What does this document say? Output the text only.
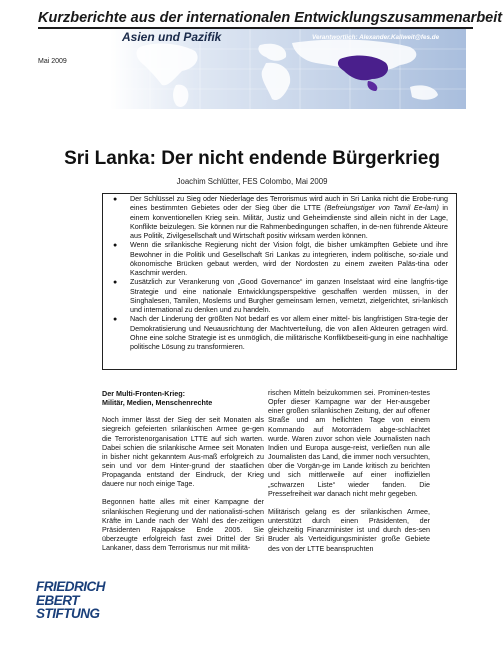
Kurzberichte aus der internationalen Entwicklungszusammenarbeit
Asien und Pazifik	Verantwortlich: Alexander.Kallweit@fes.de
Mai 2009
Sri Lanka: Der nicht endende Bürgerkrieg
Joachim Schlütter, FES Colombo, Mai 2009
● Der Schlüssel zu Sieg oder Niederlage des Terrorismus wird auch in Sri Lanka nicht die Erobe-rung eines bestimmten Gebietes oder der Sieg über die LTTE (Befreiungstiger von Tamil Ee-lam) in einem konventionellen Krieg sein. Militär, Justiz und Geheimdienste sind allein nicht in der Lage, Konflikte beizulegen. Sie können nur die Rahmenbedingungen schaffen, in de-nen führende Akteure aus Politik, Zivilgesellschaft und Wirtschaft positiv wirksam werden können.
● Wenn die srilankische Regierung nicht der Vision folgt, die bisher umkämpften Gebiete und ihre Bewohner in die Politik und Gesellschaft Sri Lankas zu integrieren, indem politische, so-ziale und ökonomische Brücken gebaut werden, wird der Nordosten zu einem zweiten Paläs-tina oder Kaschmir werden.
● Zusätzlich zur Verankerung von „Good Governance“ im ganzen Inselstaat wird eine langfris-tige Strategie und eine nationale Entwicklungsperspektive geschaffen werden müssen, in der Singhalesen, Tamilen, Moslems und Burgher gemeinsam lernen, vernetzt, zielgerichtet, sri-lankisch und international zu denken und zu handeln.
● Nach der Linderung der größten Not bedarf es vor allem einer mittel- bis langfristigen Stra-tegie der Demokratisierung und Neuausrichtung der Machtverteilung, die von allen Akteuren getragen wird. Ohne eine solche Strategie ist es unmöglich, die militärische Konfliktbeseiti-gung in eine nachhaltige politische Lösung zu transformieren.

Der Multi-Fronten-Krieg:

Militär, Medien, Menschenrechte

Noch immer lässt der Sieg der seit Monaten als siegreich gefeierten srilankischen Armee ge-gen die Terroristenorganisation LTTE auf sich warten. Dabei schien die srilankische Armee seit Monaten in bisher nicht gekanntem Aus-maß erfolgreich zu sein und vor dem Hinter-grund der staatlichen Propaganda entstand der Eindruck, der Krieg dauere nur noch einige Tage.

Begonnen hatte alles mit einer Kampagne der srilankischen Regierung und der nationalisti-schen Kräfte im Lande nach der Wahl des der-zeitigen Präsidenten Rajapakse Ende 2005. Sie überzeugte erfolgreich fast zwei Drittel der Sri Lankaner, dass dem Terrorismus nur mit militä-

rischen Mitteln beizukommen sei. Prominen-testes Opfer dieser Kampagne war der Her-ausgeber einer großen srilankischen Zeitung, der auf offener Straße und am hellichten Tage von einem Kommando auf Motorrädern abge-schlachtet wurde. Waren zuvor schon viele Journalisten nach Indien und Europa ausge-reist, verließen nun alle Journalisten das Land, die immer noch versuchten, über die Vorgän-ge im Lande kritisch zu berichten und sich mittlerweile auf einer inoffiziellen „schwarzen Liste“ wieder fanden. Die Pressefreiheit war danach nicht mehr gegeben.

Militärisch gelang es der srilankischen Armee, unterstützt durch einen Präsidenten, der gleichzeitig Finanzminister ist und durch des-sen Bruder als Verteidigungsminister große Gebiete des von der LTTE beanspruchten

FRIEDRICH
EBERT
STIFTUNG
